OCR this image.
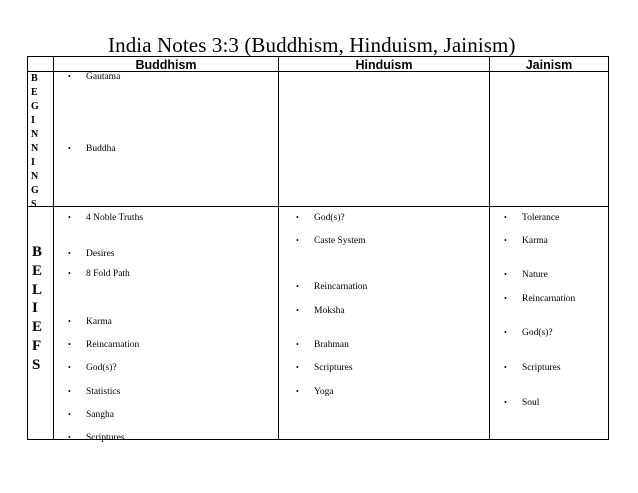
India Notes 3:3 (Buddhism, Hinduism, Jainism)
Buddhism	Hinduism	Jainism
B
E
G
I
N
N
I
N
G
S
B
E
L
I
E
F
S
• Gautama
• Buddha
• 4 Noble Truths
• Desires
• 8 Fold Path
• Karma
• Reincarnation
• God(s)?
• Statistics
• Sangha
• Scriptures
• God(s)?
• Caste System
• Reincarnation
• Moksha
• Brahman
• Scriptures
• Yoga
• Tolerance
• Karma
• Nature
• Reincarnation
• God(s)?
• Scriptures
• Soul
